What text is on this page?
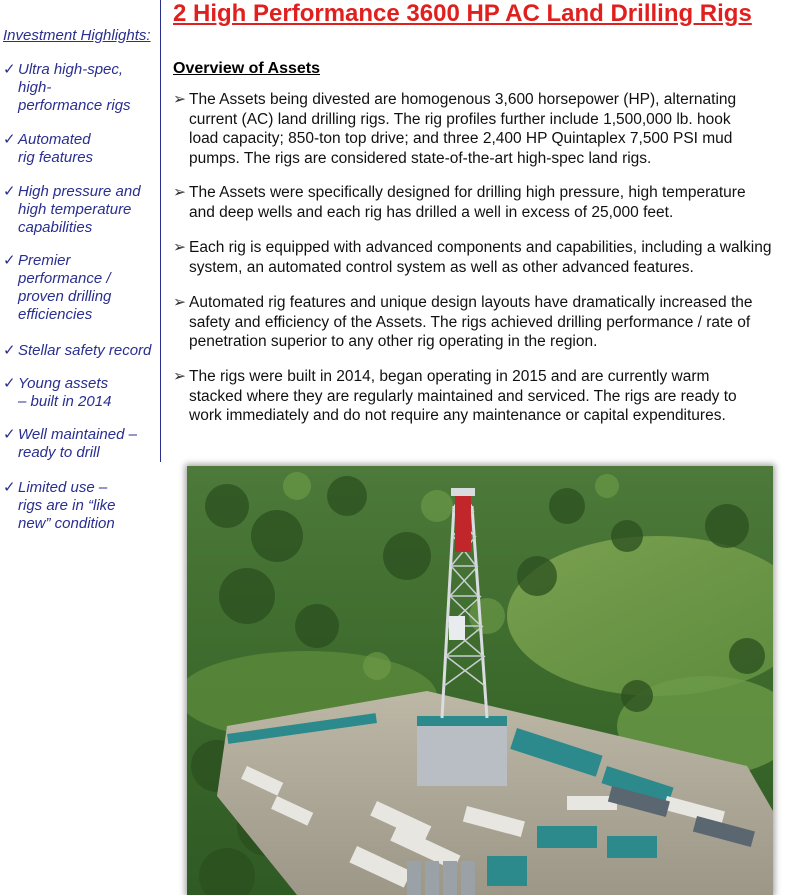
Investment Highlights:
✓ Ultra high-spec,
high-
performance rigs
✓ Automated
rig features
✓ High pressure and
high temperature
capabilities
✓ Premier
performance /
proven drilling
efficiencies
✓ Stellar safety record
✓ Young assets
– built in 2014
✓ Well maintained –
ready to drill
✓ Limited use –
rigs are in “like
new” condition
2 High Performance 3600 HP AC Land Drilling Rigs
Overview of Assets
➢ The Assets being divested are homogenous 3,600 horsepower (HP), alternating
current (AC) land drilling rigs. The rig profiles further include 1,500,000 lb. hook
load capacity; 850-ton top drive; and three 2,400 HP Quintaplex 7,500 PSI mud
pumps. The rigs are considered state-of-the-art high-spec land rigs.
➢ The Assets were specifically designed for drilling high pressure, high temperature
and deep wells and each rig has drilled a well in excess of 25,000 feet.
➢ Each rig is equipped with advanced components and capabilities, including a walking
system, an automated control system as well as other advanced features.
➢ Automated rig features and unique design layouts have dramatically increased the
safety and efficiency of the Assets. The rigs achieved drilling performance / rate of
penetration superior to any other rig operating in the region.
➢ The rigs were built in 2014, began operating in 2015 and are currently warm
stacked where they are regularly maintained and serviced. The rigs are ready to
work immediately and do not require any maintenance or capital expenditures.
